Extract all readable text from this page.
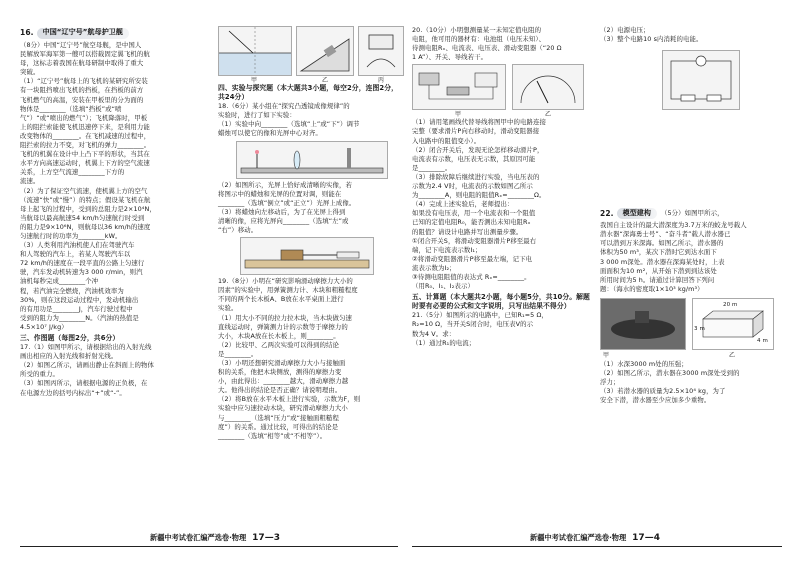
16. 中国“辽宁号”航母护卫舰

（8分）中国“辽宁号”航空母舰，是中国人

民解放军海军第一艘可以搭载固定翼飞机的航

母，这标志着我国在航母研制中取得了重大

突破。

（1）“辽宁号”航母上的飞机的某研究所安装

有一块阻挡喷出飞机的挡板，在挡板的前方

飞机燃气的高温，安装在甲板里的分为面的

物体是________（选填“挡板”或“喷

气”）“或“喷出的燃气”）；飞机降落时，甲板

上的阻拦索能使飞机迅速停下来，是利用力能

改变物体的________。在飞机减速的过程中，

阻拦索的拉力不变，对飞机的弹力________。

飞机的机翼在设计中上凸下平的形状，当其在

水平方向高速运动时，机翼上下方的空气流速

关系，上方空气流速________下方的

流速。

（2）为了保证空气流速，使机翼上方的空气

（流速“快”或“慢”）的特点；假设某飞机在航

母上起飞的过程中，受到的总阻力是2×10⁴N，

当航母以最高航速54 km/h匀速航行时受到

的阻力是9×10⁶N，则航母以36 km/h的速度

匀速航行时的功率为________kW。

（3）人类利用汽油机使人们在驾驶汽车

和人驾驶的汽车上，若某人驾驶汽车以

72 km/h的速度在一段平直的公路上匀速行

驶，汽车发动机转速为3 000 r/min，则汽

油机每秒完成________个冲

程，若汽油完全燃烧，汽油机效率为

30%，则在这段运动过程中，发动机输出

的有用功是________J，汽车行驶过程中

受到的阻力为________N。（汽油的热值是

4.5×10⁷ J/kg）

三、作图题（每图2分，共6分）

17.（1）如图甲所示，请根据给出的入射光线

画出相应的入射光线和折射光线。

（2）如图乙所示，请画出静止在斜面上的物体

所受的重力。

（3）如图丙所示，请根据电源的正负极，在

在电源左边的括号内标出“+”或“-”。

甲	乙	丙

四、实验与探究题（本大题共3小题，每空2分，连图2分，共24分）

18.（6分）某小组在“探究凸透镜成像规律”的

实验时，进行了如下实验：

（1）实验中向________（选填“上”或“下”）调节

蜡烛可以使它的像和光屏中心对齐。

（2）如图所示，光屏上恰好成清晰的实像，若

将图示中的蜡烛和光屏的位置对调，则能在

________（选填“倒立”或“正立”）光屏上成像。

（3）将蜡烛向左移动后，为了在光屏上得到

清晰的像，应将光屏向________（选填“左”或

“右”）移动。

19.（8分）小明在“研究影响滑动摩擦力大小的

因素”的实验中，用弹簧测力计、木块和粗糙程度

不同的两个长木板A、B放在水平桌面上进行

实验。

（1）用大小不同的拉力拉木块，当木块做匀速

直线运动时，弹簧测力计的示数等于摩擦力的

大小，木块A放在长木板上，则________。

（2）比较甲、乙两次实验可以得到的结论

是________。

（3）小明还想研究滑动摩擦力大小与接触面

积的关系，他把木块侧放，测得的摩擦力变

小，由此得出：________越大，滑动摩擦力越

大。他得出的结论是否正确？请说明理由。

（2）将B放在水平木板上进行实验，示数为F，则

实验中应匀速拉动木块，研究滑动摩擦力大小

与________（选填“压力”或“接触面粗糙程

度”）的关系。通过比较，可得出的结论是

________（选填“相等”或“不相等”）。

20.（10分）小明想测量某一未知定值电阻的

电阻，他可用的器材有：电池组（电压未知）、

待测电阻Rₓ、电流表、电压表、滑动变阻器（“20 Ω

1 A”）、开关、导线若干。

甲	乙

（1）请用笔画线代替导线将图甲中的电路连接

完整（要求滑片P向右移动时，滑动变阻器接

入电路中的阻值变小）。

（2）闭合开关后，发现无论怎样移动滑片P，

电流表有示数，电压表无示数，其原因可能

是________。

（3）排除故障后继续进行实验，当电压表的

示数为2.4 V时，电流表的示数如图乙所示

为________A，则电阻的阻值Rₓ=________Ω。

（4）完成上述实验后，老师提出：

如果没有电压表，用一个电流表和一个阻值

已知的定值电阻R₀，能否测出未知电阻Rₓ

的阻值？请设计电路并写出测量步骤。

①闭合开关S，将滑动变阻器滑片P移至最右

端，记下电流表示数I₁；

②将滑动变阻器滑片P移至最左端，记下电

流表示数为I₂；

③待测电阻阻值的表达式 Rₓ=________。

（用R₀、I₁、I₂表示）

五、计算题（本大题共2小题，每小题5分，共10分。解题时要有必要的公式和文字说明，只写出结果不得分）

21.（5分）如图所示的电路中，已知R₁=5 Ω，

R₂=10 Ω，当开关S闭合时，电压表V的示

数为4 V。求：

（1）通过R₁的电流；

（2）电源电压；

（3）整个电路10 s内消耗的电能。

22. 模型建构 （5分）如图甲所示，

我国自主设计的最大潜深度为3.7万米的蛟龙号载人

潜水器“深海勇士号”、“奋斗者”载人潜水器已

可以潜到万米深海。如图乙所示，潜水器的

体积为50 m³，某次下潜时它到达水面下

3 000 m深处。潜水器在深海某处时，上表

面面积为10 m²，从开始下潜到到达该处

所用时间为5 h。请通过计算回答下列问

题：（海水的密度取1×10³ kg/m³）

甲
20 m
4 m
3 m
乙

（1）水深3000 m处的压强；

（2）如图乙所示，潜水器在3000 m深处受到的

浮力；

（3）若潜水器的质量为2.5×10⁴ kg，为了

安全下潜，潜水器至少应加多少重物。

新疆中考试卷汇编严选卷·物理 17—3	新疆中考试卷汇编严选卷·物理 17—4
